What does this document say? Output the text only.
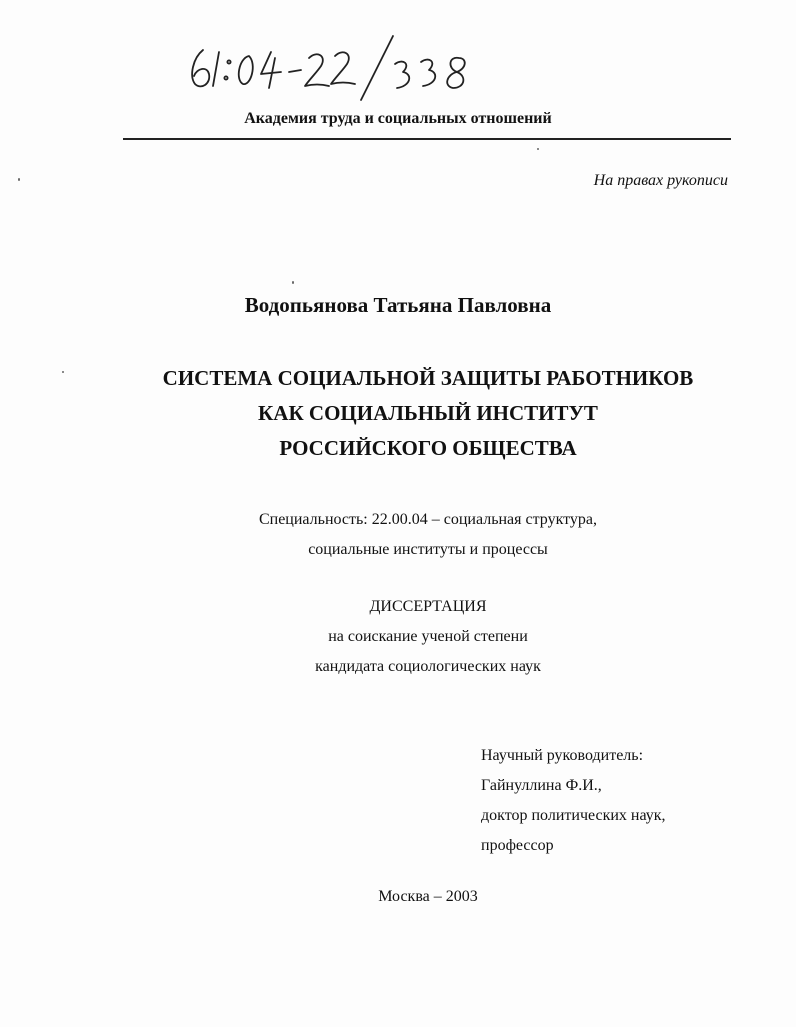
Академия труда и социальных отношений
На правах рукописи
Водопьянова Татьяна Павловна
СИСТЕМА СОЦИАЛЬНОЙ ЗАЩИТЫ РАБОТНИКОВ
КАК СОЦИАЛЬНЫЙ ИНСТИТУТ
РОССИЙСКОГО ОБЩЕСТВА
Специальность: 22.00.04 – социальная структура,
социальные институты и процессы
ДИССЕРТАЦИЯ
на соискание ученой степени
кандидата социологических наук
Научный руководитель:
Гайнуллина Ф.И.,
доктор политических наук,
профессор
Москва – 2003
